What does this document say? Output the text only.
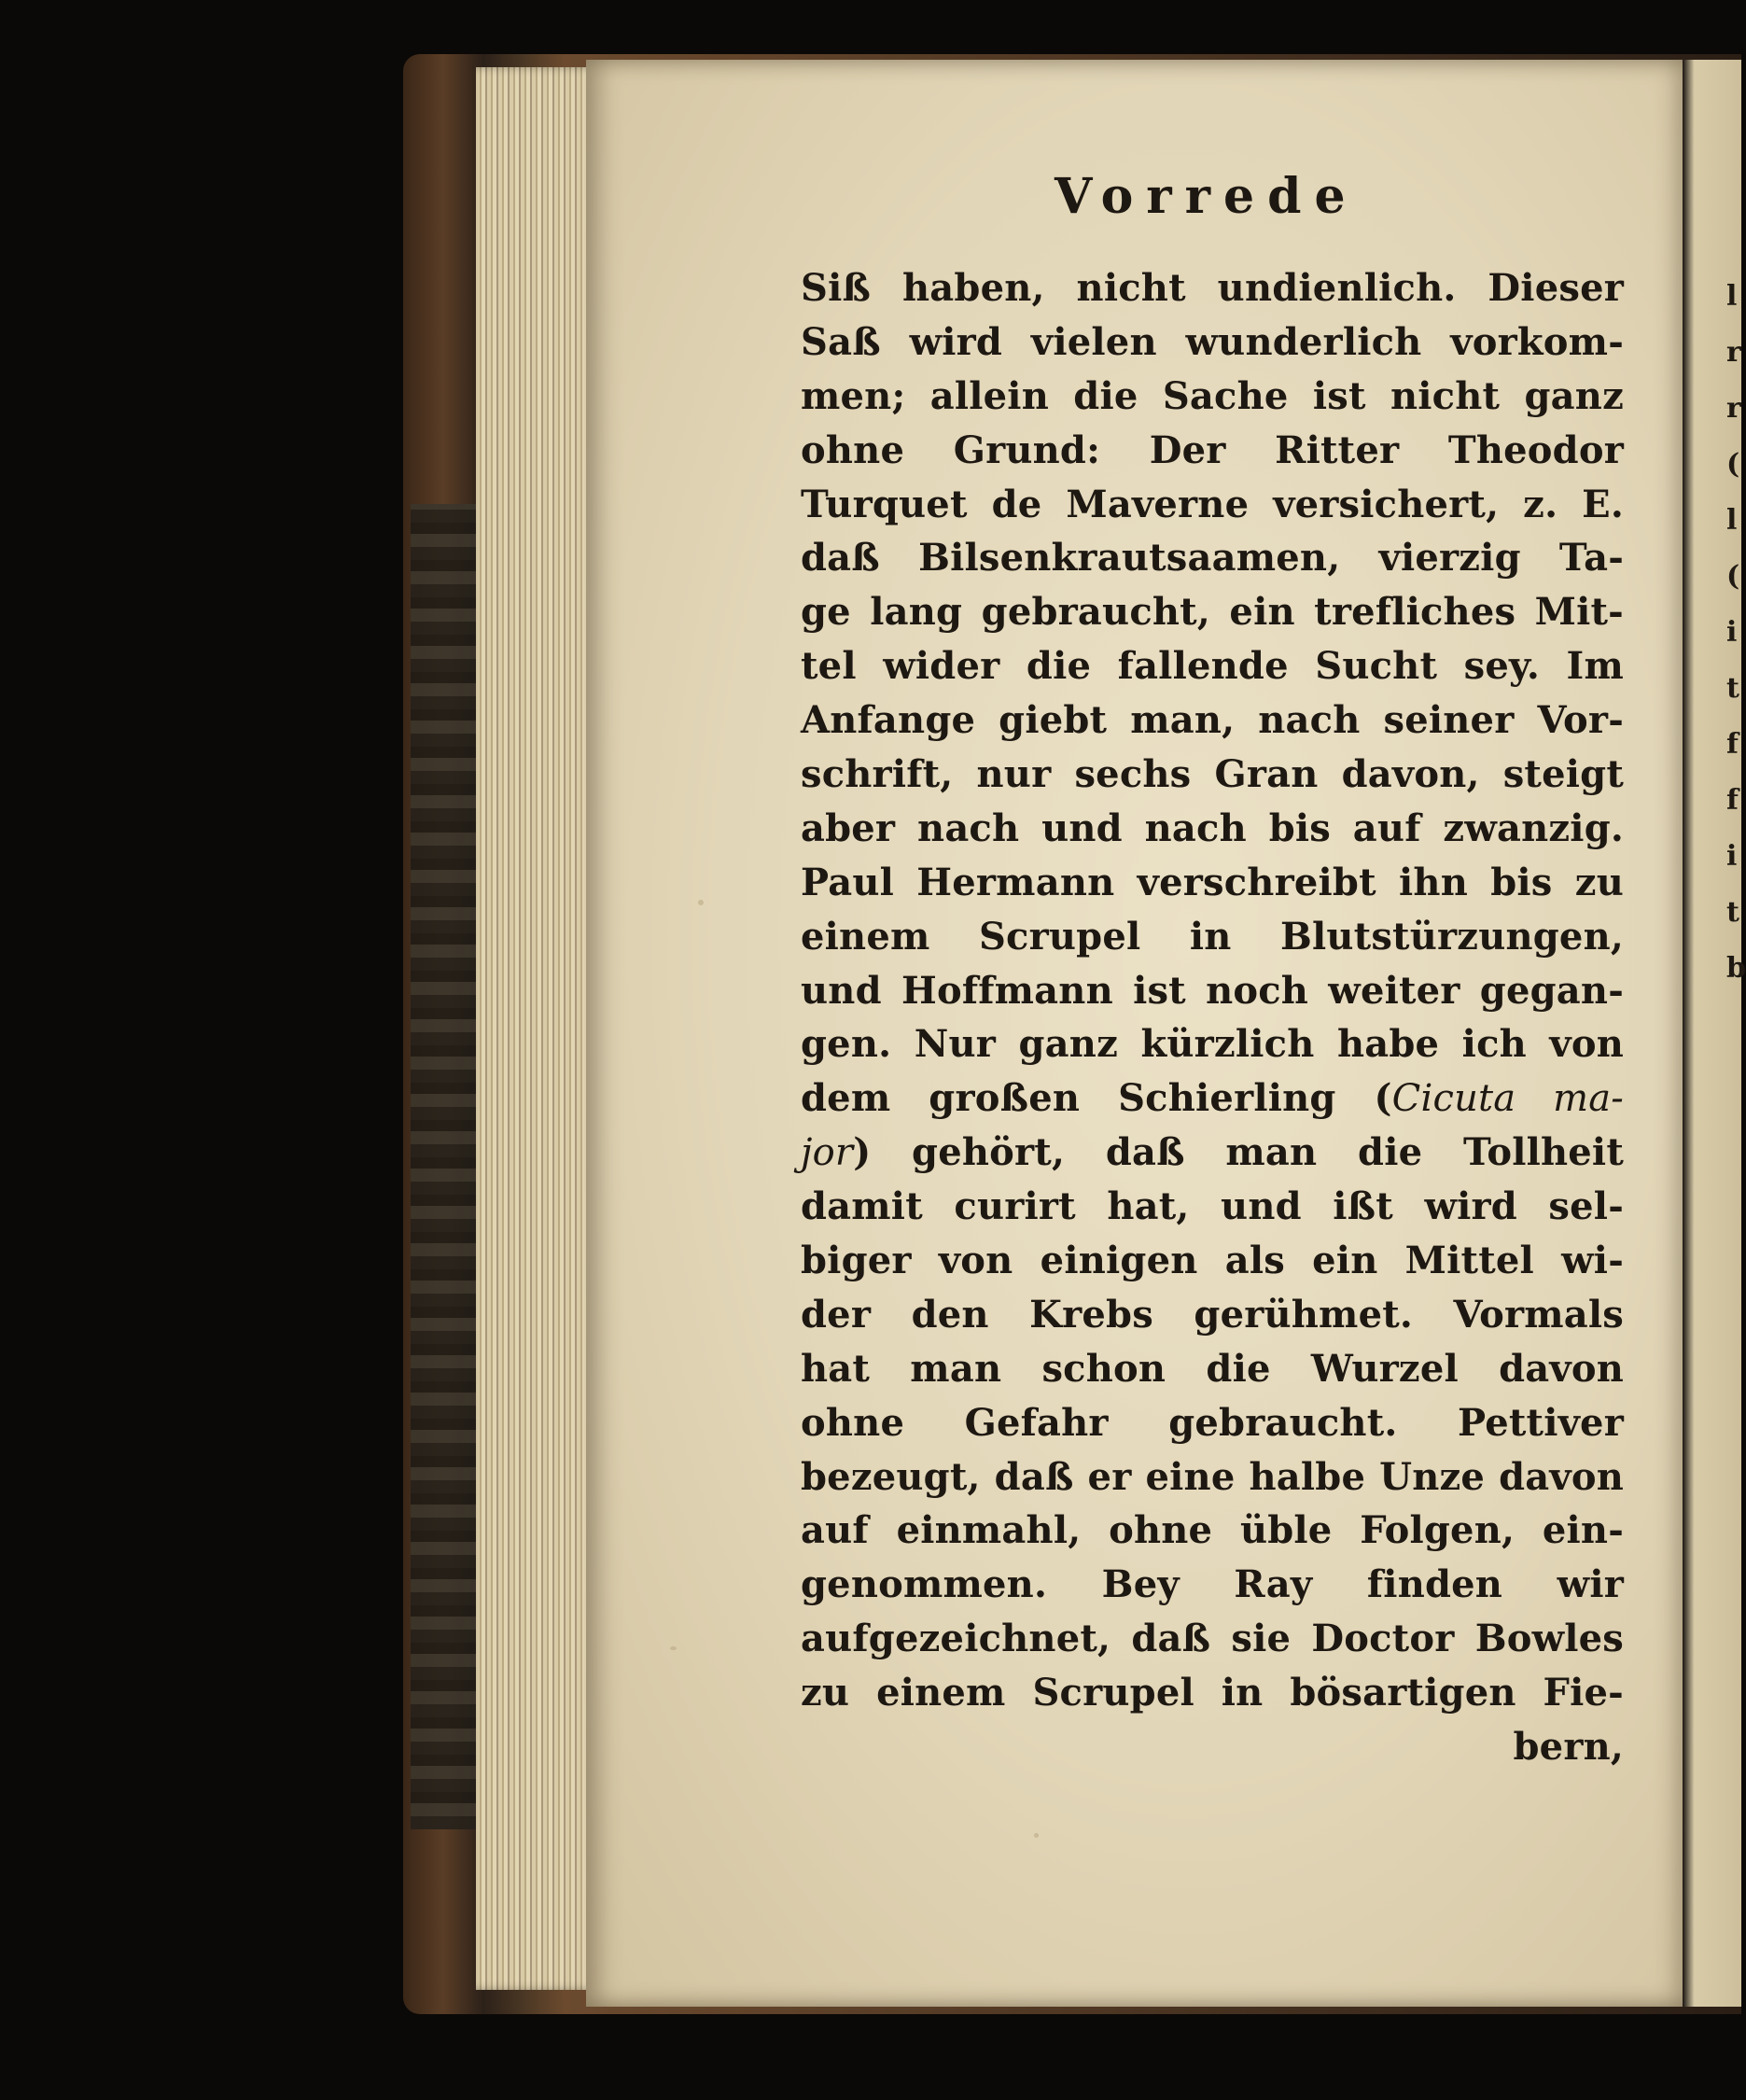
l
r
r
(
l
(
i
t
f
f
i
t
b
Vorrede
Siß haben, nicht undienlich. Dieser
Saß wird vielen wunderlich vorkom-
men; allein die Sache ist nicht ganz
ohne Grund: Der Ritter Theodor
Turquet de Maverne versichert, z. E.
daß Bilsenkrautsaamen, vierzig Ta-
ge lang gebraucht, ein trefliches Mit-
tel wider die fallende Sucht sey. Im
Anfange giebt man, nach seiner Vor-
schrift, nur sechs Gran davon, steigt
aber nach und nach bis auf zwanzig.
Paul Hermann verschreibt ihn bis zu
einem Scrupel in Blutstürzungen,
und Hoffmann ist noch weiter gegan-
gen. Nur ganz kürzlich habe ich von
dem großen Schierling (Cicuta ma-
jor) gehört, daß man die Tollheit
damit curirt hat, und ißt wird sel-
biger von einigen als ein Mittel wi-
der den Krebs gerühmet. Vormals
hat man schon die Wurzel davon
ohne Gefahr gebraucht. Pettiver
bezeugt, daß er eine halbe Unze davon
auf einmahl, ohne üble Folgen, ein-
genommen. Bey Ray finden wir
aufgezeichnet, daß sie Doctor Bowles
zu einem Scrupel in bösartigen Fie-
bern,
